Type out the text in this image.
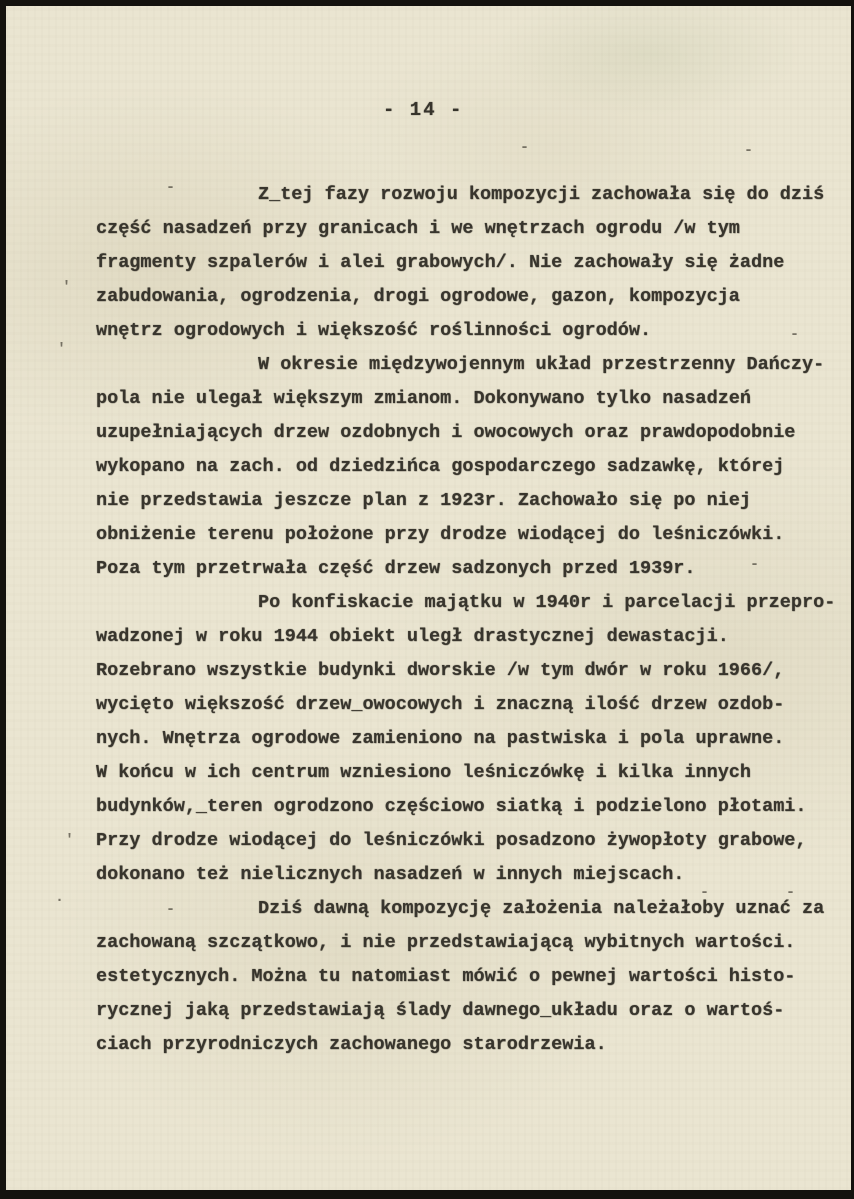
- 14 -

Z_tej fazy rozwoju kompozycji zachowała się do dziś
część nasadzeń przy granicach i we wnętrzach ogrodu /w tym
fragmenty szpalerów i alei grabowych/. Nie zachowały się żadne
zabudowania, ogrodzenia, drogi ogrodowe, gazon, kompozycja
wnętrz ogrodowych i większość roślinności ogrodów.

W okresie międzywojennym układ przestrzenny Dańczy-
pola nie ulegał większym zmianom. Dokonywano tylko nasadzeń
uzupełniających drzew ozdobnych i owocowych oraz prawdopodobnie
wykopano na zach. od dziedzińca gospodarczego sadzawkę, której
nie przedstawia jeszcze plan z 1923r. Zachowało się po niej
obniżenie terenu położone przy drodze wiodącej do leśniczówki.
Poza tym przetrwała część drzew sadzonych przed 1939r.

Po konfiskacie majątku w 1940r i parcelacji przepro-
wadzonej w roku 1944 obiekt uległ drastycznej dewastacji.
Rozebrano wszystkie budynki dworskie /w tym dwór w roku 1966/,
wycięto większość drzew_owocowych i znaczną ilość drzew ozdob-
nych. Wnętrza ogrodowe zamieniono na pastwiska i pola uprawne.
W końcu w ich centrum wzniesiono leśniczówkę i kilka innych
budynków,_teren ogrodzono częściowo siatką i podzielono płotami.
Przy drodze wiodącej do leśniczówki posadzono żywopłoty grabowe,
dokonano też nielicznych nasadzeń w innych miejscach.

Dziś dawną kompozycję założenia należałoby uznać za
zachowaną szczątkowo, i nie przedstawiającą wybitnych wartości.
estetycznych. Można tu natomiast mówić o pewnej wartości histo-
rycznej jaką przedstawiają ślady dawnego_układu oraz o wartoś-
ciach przyrodniczych zachowanego starodrzewia.

-	-
-
'
'
-
-
'
.	-	-
-
